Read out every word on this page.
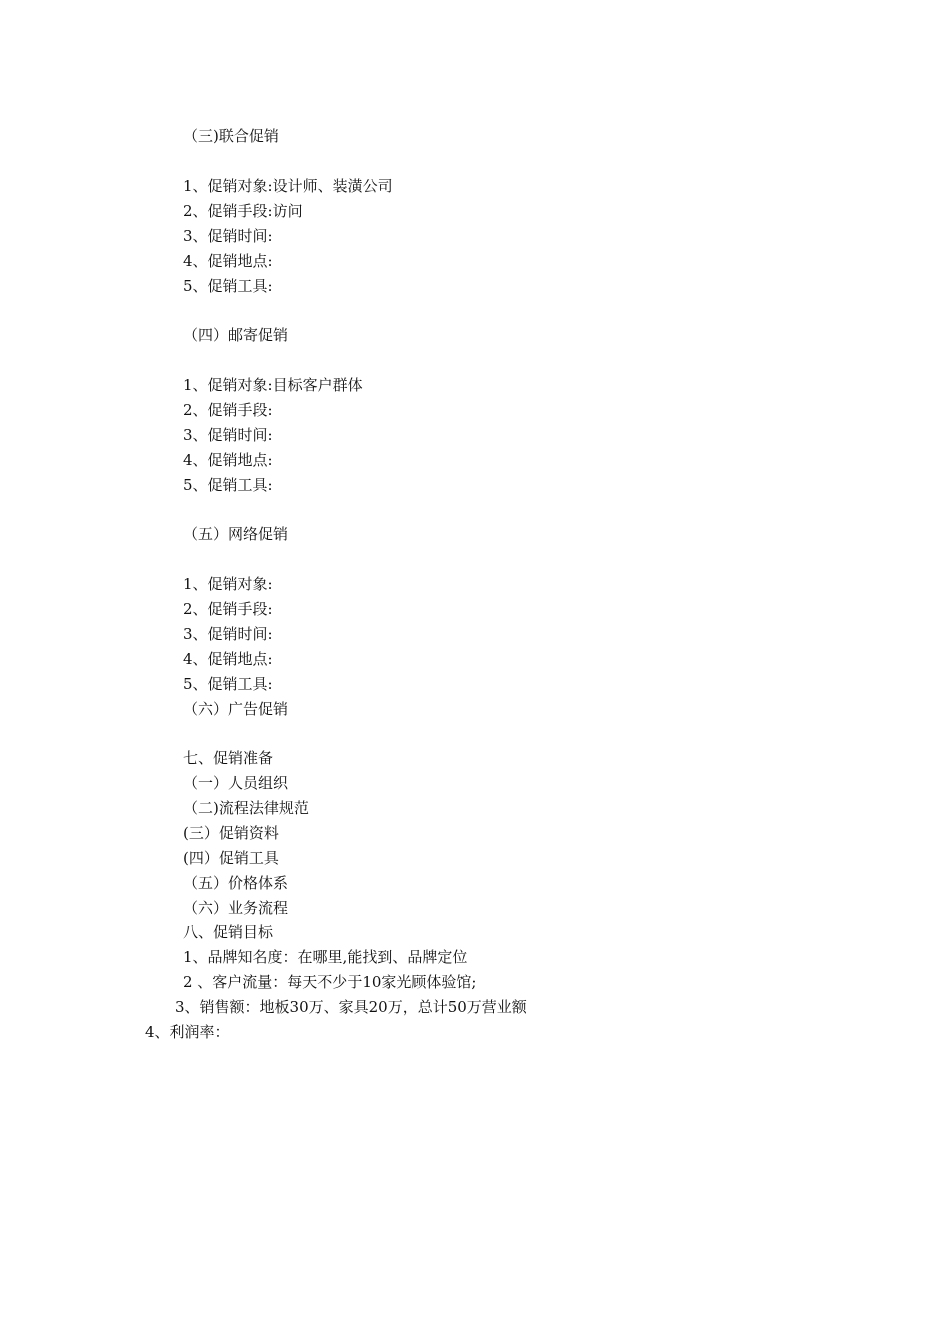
（三)联合促销
1、促销对象:设计师、装潢公司
2、促销手段:访问
3、促销时间:
4、促销地点:
5、促销工具:
（四）邮寄促销
1、促销对象:目标客户群体
2、促销手段:
3、促销时间:
4、促销地点:
5、促销工具:
（五）网络促销
1、促销对象:
2、促销手段:
3、促销时间:
4、促销地点:
5、促销工具:
（六）广告促销
七、促销准备
（一）人员组织
（二)流程法律规范
(三）促销资料
(四）促销工具
（五）价格体系
（六）业务流程
八、促销目标
1、品牌知名度：在哪里,能找到、品牌定位
2 、客户流量：每天不少于10家光顾体验馆;
3、销售额：地板30万、家具20万，总计50万营业额
4、利润率：
